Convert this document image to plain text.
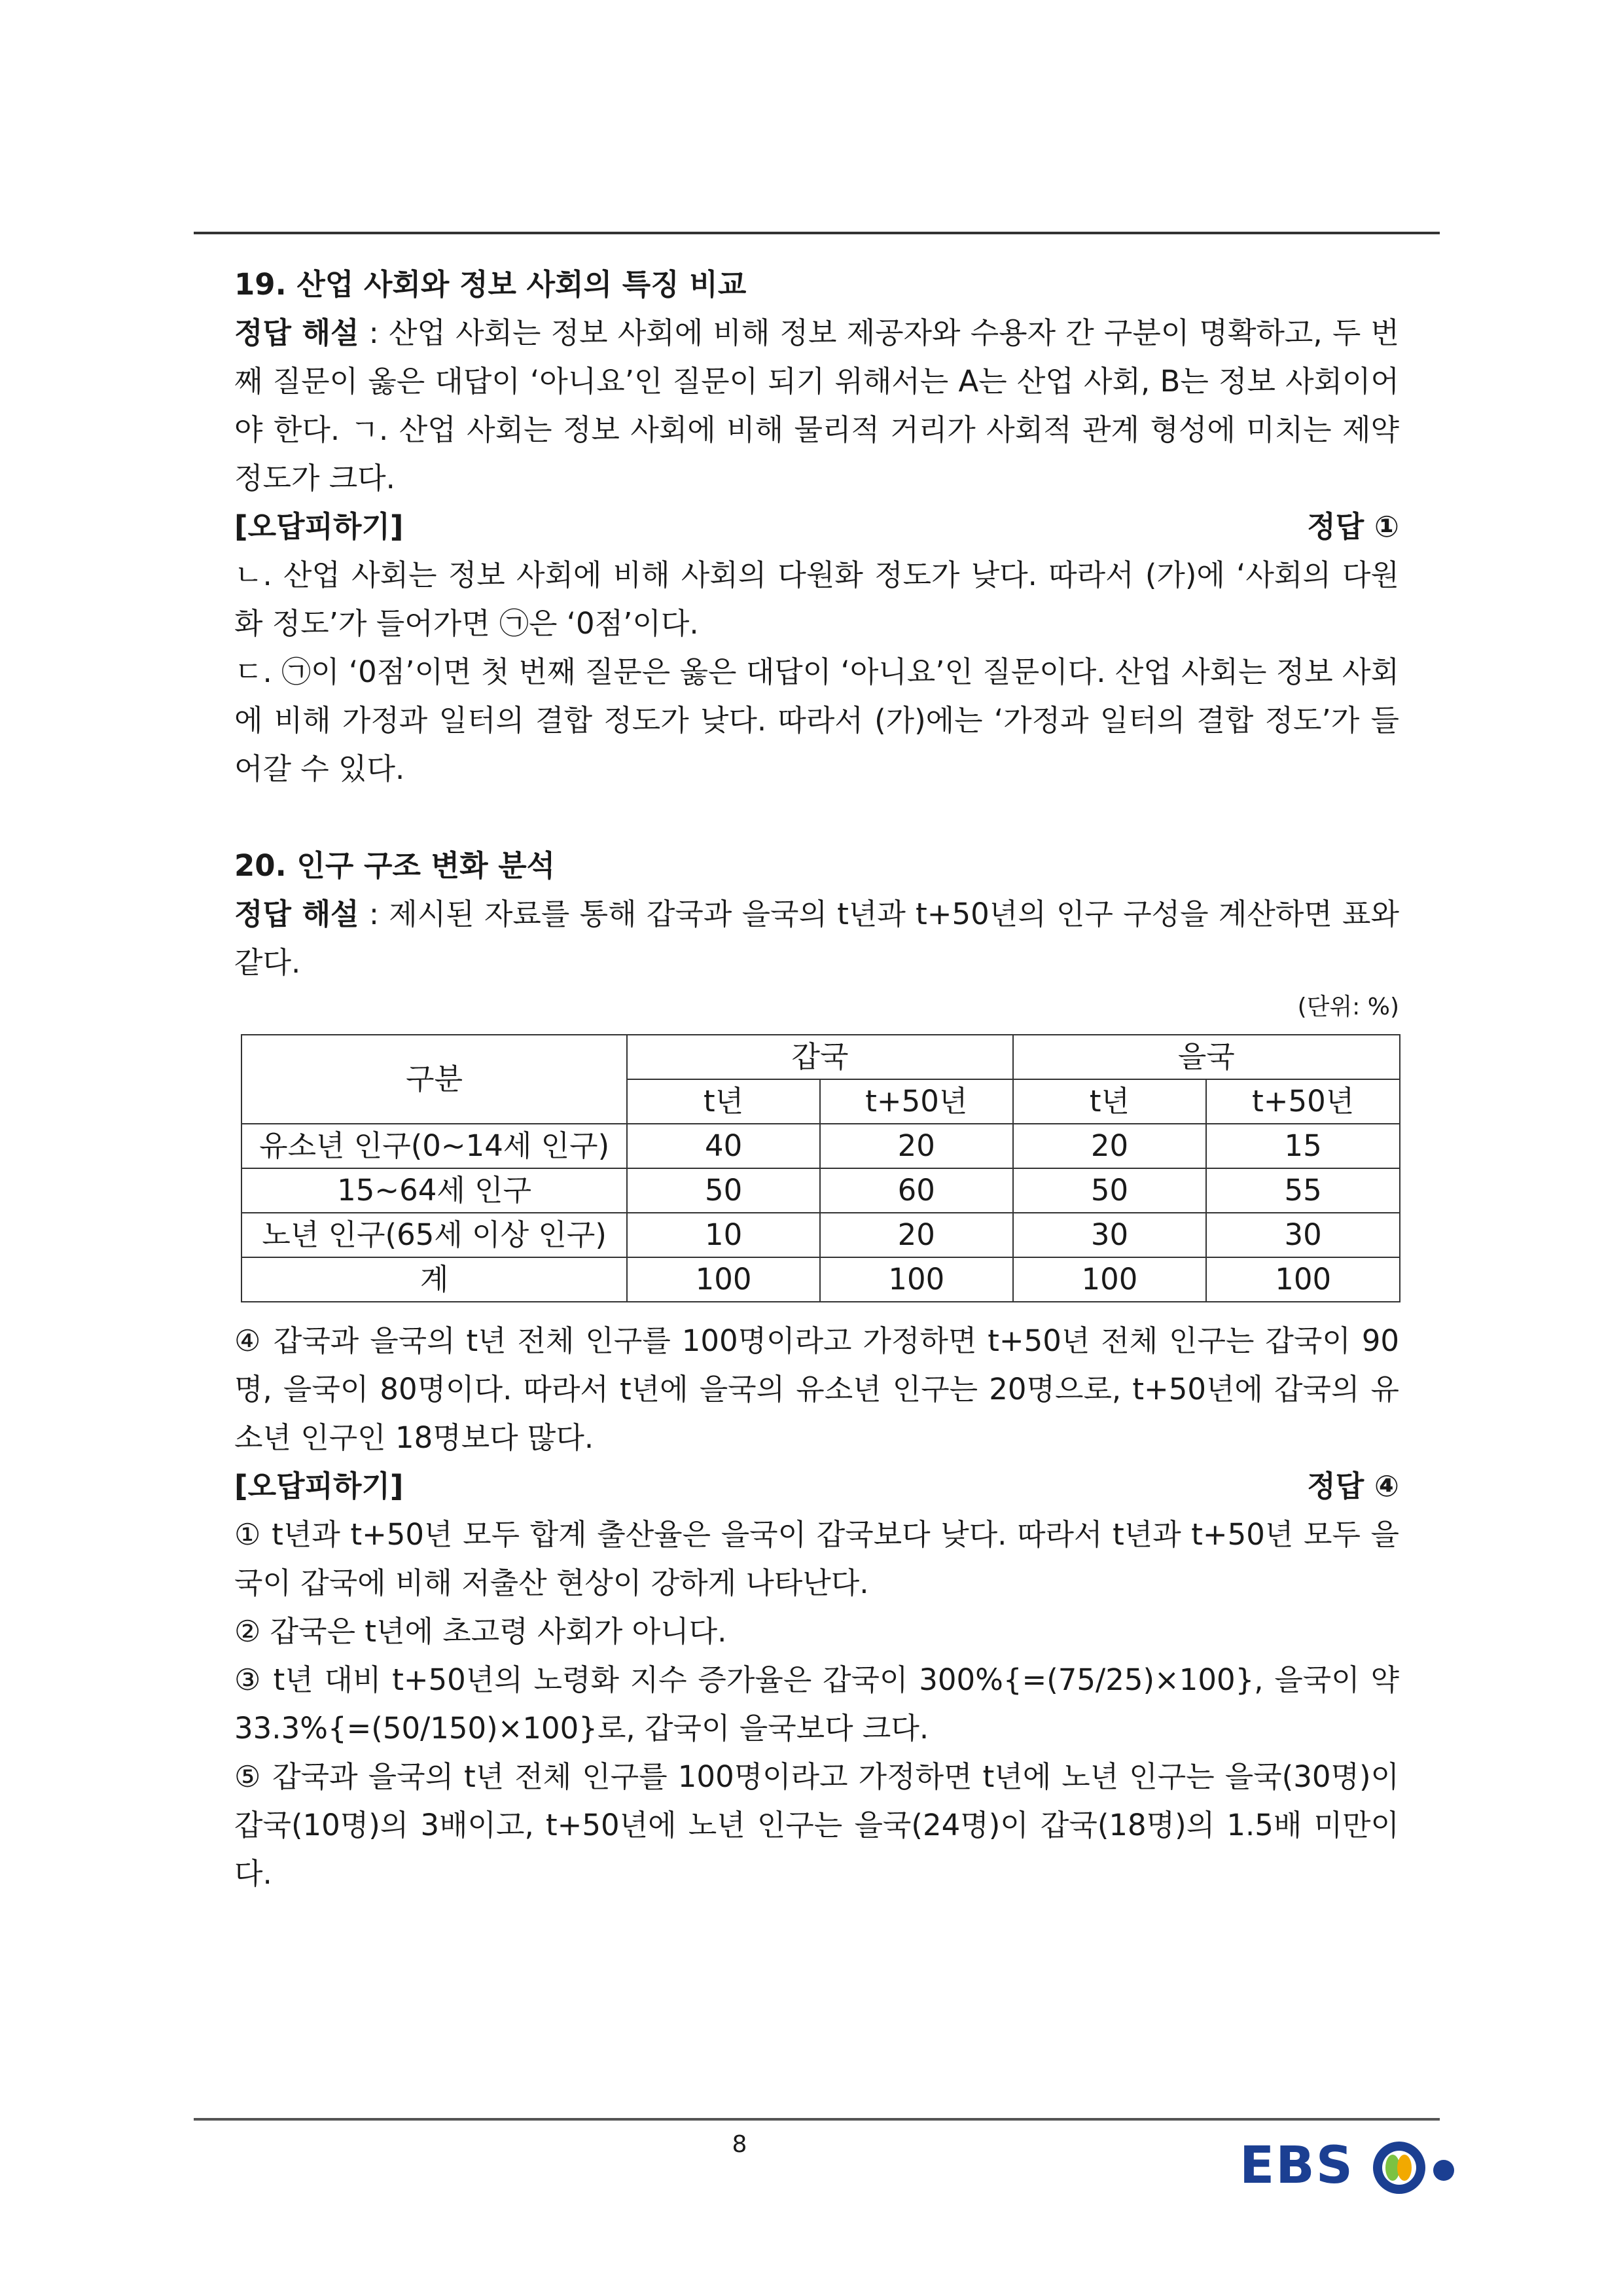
19. 산업 사회와 정보 사회의 특징 비교

정답 해설 : 산업 사회는 정보 사회에 비해 정보 제공자와 수용자 간 구분이 명확하고, 두 번째 질문이 옳은 대답이 ‘아니요’인 질문이 되기 위해서는 A는 산업 사회, B는 정보 사회이어야 한다. ㄱ. 산업 사회는 정보 사회에 비해 물리적 거리가 사회적 관계 형성에 미치는 제약 정도가 크다.

정답 ①

[오답피하기]

ㄴ. 산업 사회는 정보 사회에 비해 사회의 다원화 정도가 낮다. 따라서 (가)에 ‘사회의 다원화 정도’가 들어가면 ㉠은 ‘0점’이다.

ㄷ. ㉠이 ‘0점’이면 첫 번째 질문은 옳은 대답이 ‘아니요’인 질문이다. 산업 사회는 정보 사회에 비해 가정과 일터의 결합 정도가 낮다. 따라서 (가)에는 ‘가정과 일터의 결합 정도’가 들어갈 수 있다.

20. 인구 구조 변화 분석

정답 해설 : 제시된 자료를 통해 갑국과 을국의 t년과 t+50년의 인구 구성을 계산하면 표와 같다.

(단위: %)
구분	갑국		을국	
	t년	t+50년	t년	t+50년
유소년 인구(0~14세 인구)	40	20	20	15
15~64세 인구	50	60	50	55
노년 인구(65세 이상 인구)	10	20	30	30
계	100	100	100	100

④ 갑국과 을국의 t년 전체 인구를 100명이라고 가정하면 t+50년 전체 인구는 갑국이 90명, 을국이 80명이다. 따라서 t년에 을국의 유소년 인구는 20명으로, t+50년에 갑국의 유소년 인구인 18명보다 많다.

정답 ④

[오답피하기]

① t년과 t+50년 모두 합계 출산율은 을국이 갑국보다 낮다. 따라서 t년과 t+50년 모두 을국이 갑국에 비해 저출산 현상이 강하게 나타난다.

② 갑국은 t년에 초고령 사회가 아니다.

③ t년 대비 t+50년의 노령화 지수 증가율은 갑국이 300%{=(75/25)×100}, 을국이 약 33.3%{=(50/150)×100}로, 갑국이 을국보다 크다.

⑤ 갑국과 을국의 t년 전체 인구를 100명이라고 가정하면 t년에 노년 인구는 을국(30명)이 갑국(10명)의 3배이고, t+50년에 노년 인구는 을국(24명)이 갑국(18명)의 1.5배 미만이다.

8	EBS
